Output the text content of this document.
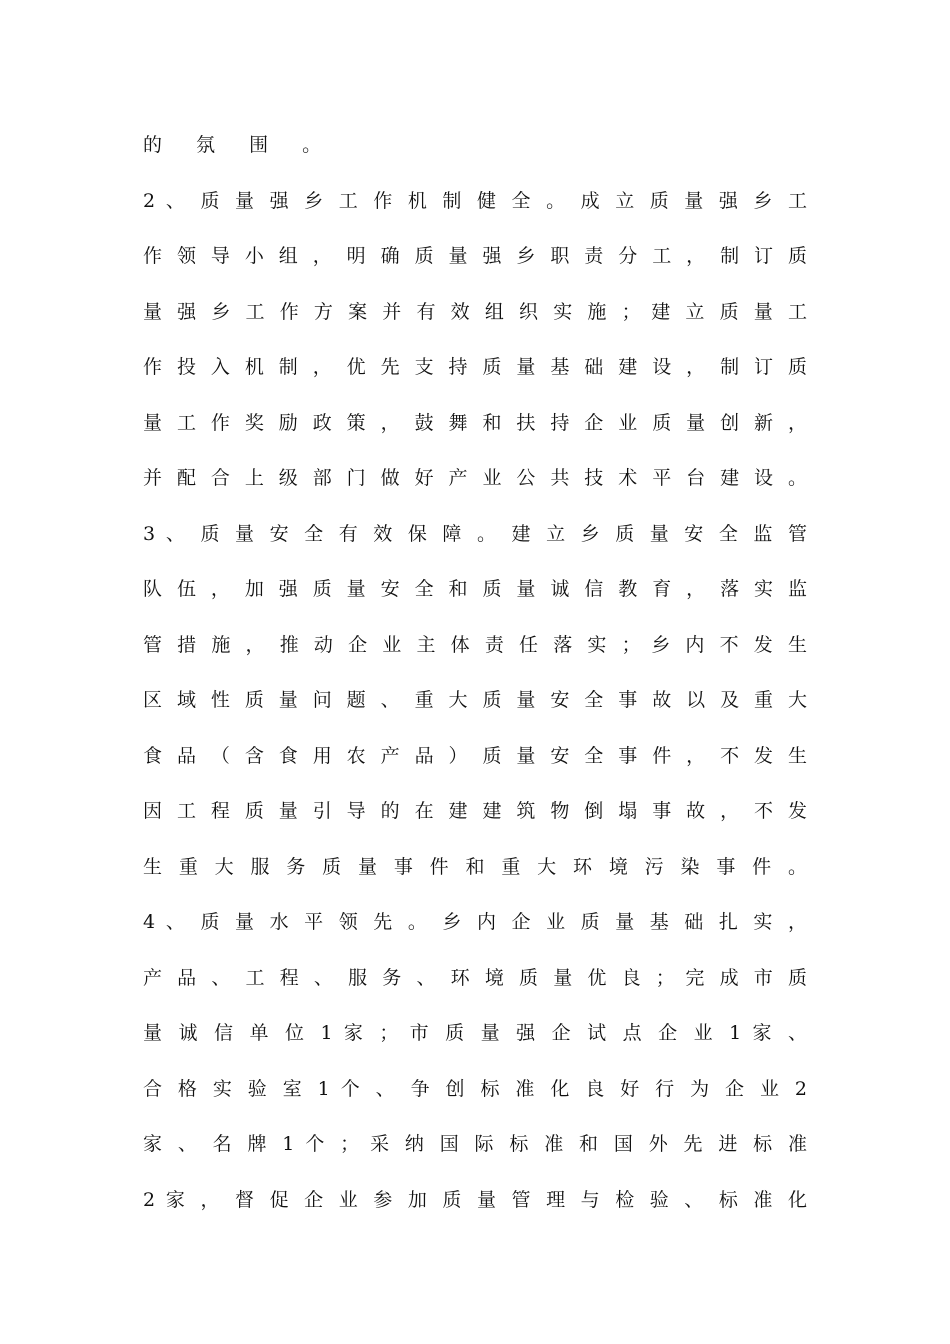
的 氛 围 。
2 、 质 量 强 乡 工 作 机 制 健 全 。 成 立 质 量 强 乡 工
作 领 导 小 组 ， 明 确 质 量 强 乡 职 责 分 工 ， 制 订 质
量 强 乡 工 作 方 案 并 有 效 组 织 实 施 ； 建 立 质 量 工
作 投 入 机 制 ， 优 先 支 持 质 量 基 础 建 设 ， 制 订 质
量 工 作 奖 励 政 策 ， 鼓 舞 和 扶 持 企 业 质 量 创 新 ，
并 配 合 上 级 部 门 做 好 产 业 公 共 技 术 平 台 建 设 。
3 、 质 量 安 全 有 效 保 障 。 建 立 乡 质 量 安 全 监 管
队 伍 ， 加 强 质 量 安 全 和 质 量 诚 信 教 育 ， 落 实 监
管 措 施 ， 推 动 企 业 主 体 责 任 落 实 ； 乡 内 不 发 生
区 域 性 质 量 问 题 、 重 大 质 量 安 全 事 故 以 及 重 大
食 品 （ 含 食 用 农 产 品 ） 质 量 安 全 事 件 ， 不 发 生
因 工 程 质 量 引 导 的 在 建 建 筑 物 倒 塌 事 故 ， 不 发
生 重 大 服 务 质 量 事 件 和 重 大 环 境 污 染 事 件 。
4 、 质 量 水 平 领 先 。 乡 内 企 业 质 量 基 础 扎 实 ，
产 品 、 工 程 、 服 务 、 环 境 质 量 优 良 ； 完 成 市 质
量 诚 信 单 位 1 家 ； 市 质 量 强 企 试 点 企 业 1 家 、
合 格 实 验 室 1 个 、 争 创 标 准 化 良 好 行 为 企 业 2
家 、 名 牌 1 个 ； 采 纳 国 际 标 准 和 国 外 先 进 标 准
2 家 ， 督 促 企 业 参 加 质 量 管 理 与 检 验 、 标 准 化
